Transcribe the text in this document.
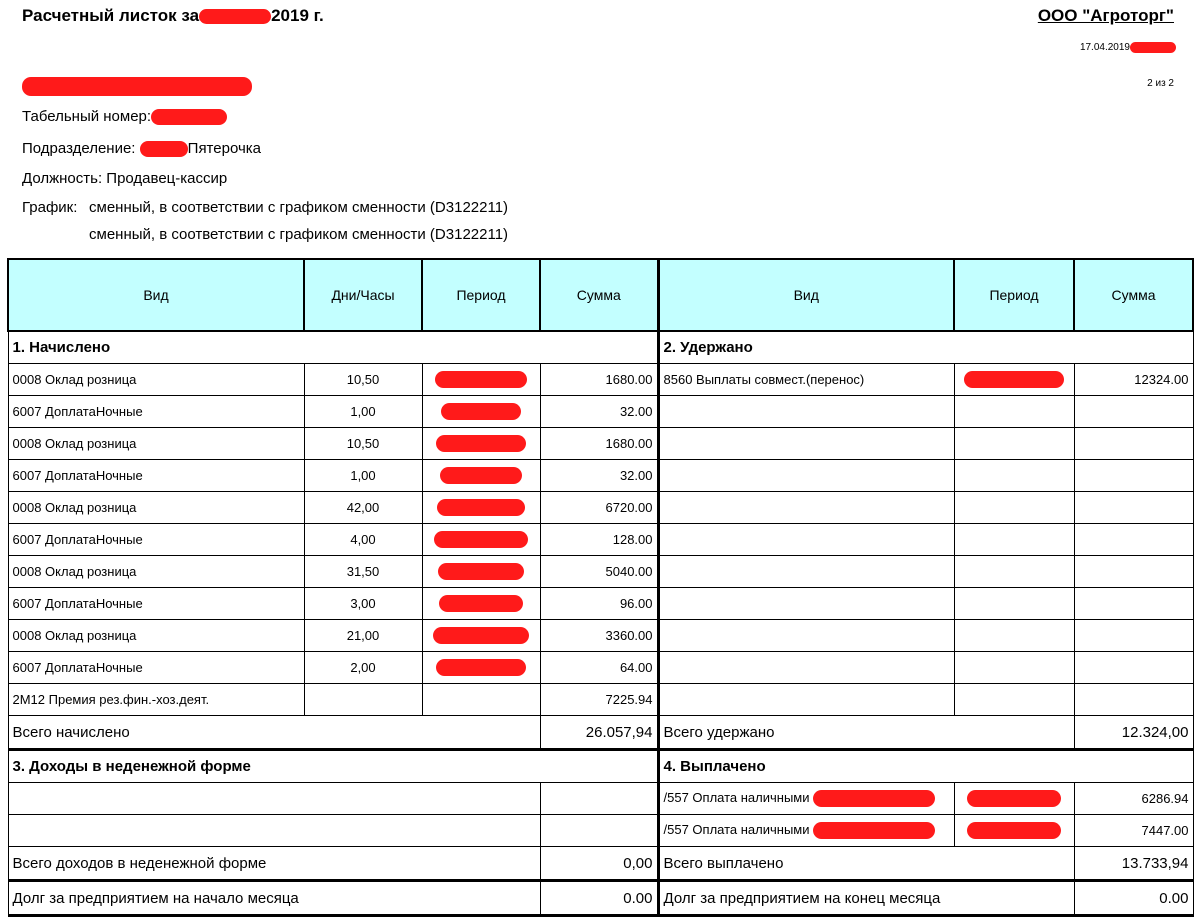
Расчетный листок за	2019 г.	ООО "Агроторг"
17.04.2019
2 из 2
Табельный номер:
Подразделение:	Пятерочка
Должность: Продавец-кассир
График: сменный, в соответствии с графиком сменности (D3122211)
сменный, в соответствии с графиком сменности (D3122211)
Вид	Дни/Часы	Период	Сумма	Вид	Период	Сумма
1. Начислено				2. Удержано		
0008 Оклад розница	10,50		1680.00	8560 Выплаты совмест.(перенос)		12324.00
6007 ДоплатаНочные	1,00		32.00			
0008 Оклад розница	10,50		1680.00			
6007 ДоплатаНочные	1,00		32.00			
0008 Оклад розница	42,00		6720.00			
6007 ДоплатаНочные	4,00		128.00			
0008 Оклад розница	31,50		5040.00			
6007 ДоплатаНочные	3,00		96.00			
0008 Оклад розница	21,00		3360.00			
6007 ДоплатаНочные	2,00		64.00			
2М12 Премия рез.фин.-хоз.деят.			7225.94			
Всего начислено			26.057,94	Всего удержано		12.324,00
3. Доходы в неденежной форме				4. Выплачено		
				/557 Оплата наличными		6286.94
				/557 Оплата наличными		7447.00
Всего доходов в неденежной форме			0,00	Всего выплачено		13.733,94
Долг за предприятием на начало месяца			0.00	Долг за предприятием на конец месяца		0.00
